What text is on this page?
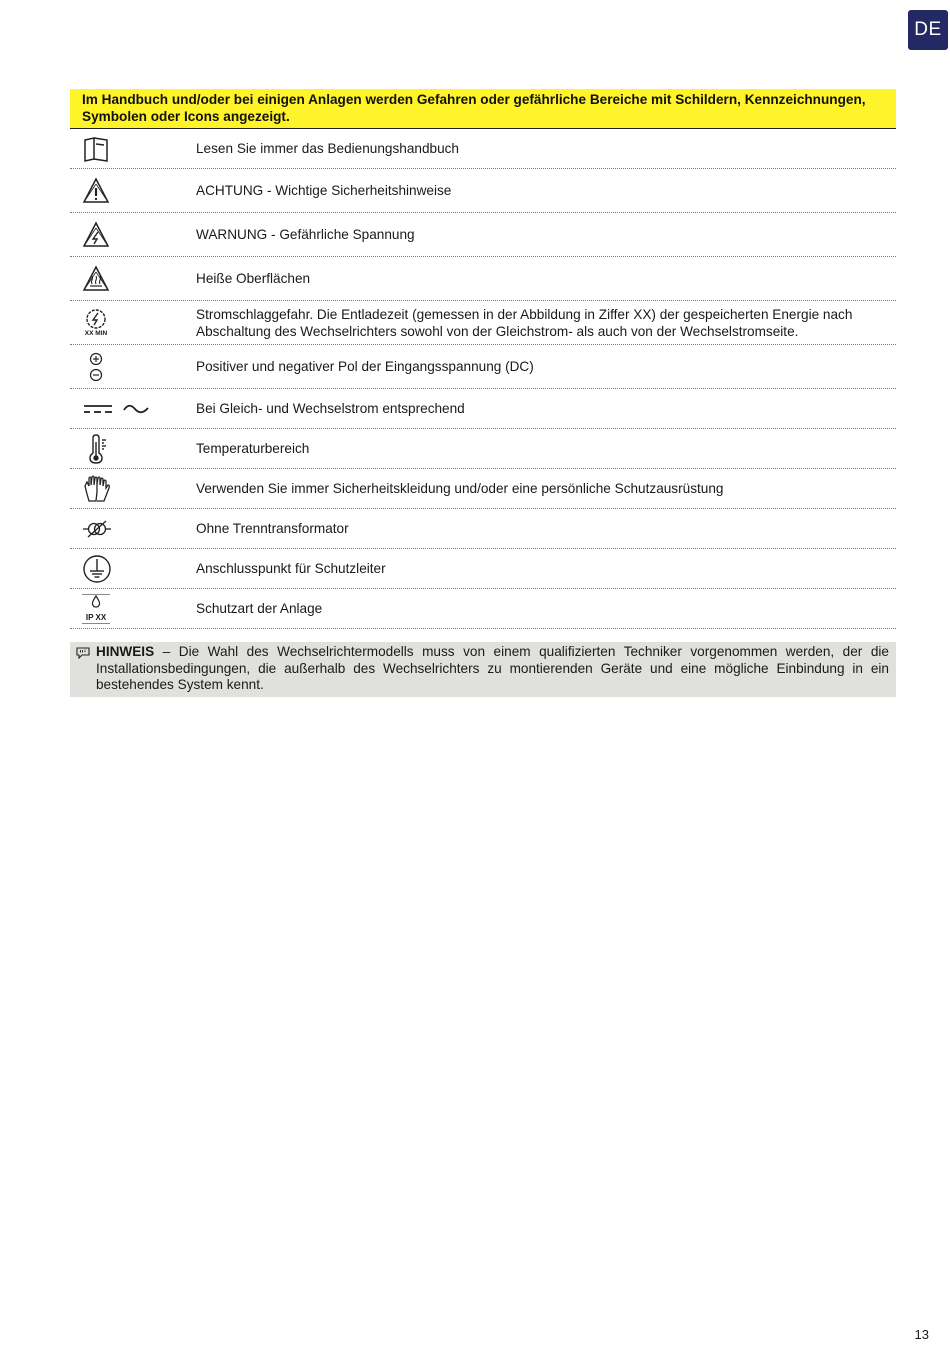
DE
Im Handbuch und/oder bei einigen Anlagen werden Gefahren oder gefährliche Bereiche mit Schildern, Kennzeichnungen, Symbolen oder Icons angezeigt.
Lesen Sie immer das Bedienungshandbuch
ACHTUNG - Wichtige Sicherheitshinweise
WARNUNG - Gefährliche Spannung
Heiße Oberflächen
XX MIN
Stromschlaggefahr. Die Entladezeit (gemessen in der Abbildung in Ziffer XX) der gespeicherten Energie nach Abschaltung des Wechselrichters sowohl von der Gleichstrom- als auch von der Wechselstromseite.
Positiver und negativer Pol der Eingangsspannung (DC)
Bei Gleich- und Wechselstrom entsprechend
Temperaturbereich
Verwenden Sie immer Sicherheitskleidung und/oder eine persönliche Schutzausrüstung
Ohne Trenntransformator
Anschlusspunkt für Schutzleiter
IP XX
Schutzart der Anlage
HINWEIS – Die Wahl des Wechselrichtermodells muss von einem qualifizierten Techniker vorgenommen werden, der die Installationsbedingungen, die außerhalb des Wechselrichters zu montierenden Geräte und eine mögliche Einbindung in ein bestehendes System kennt.
13
